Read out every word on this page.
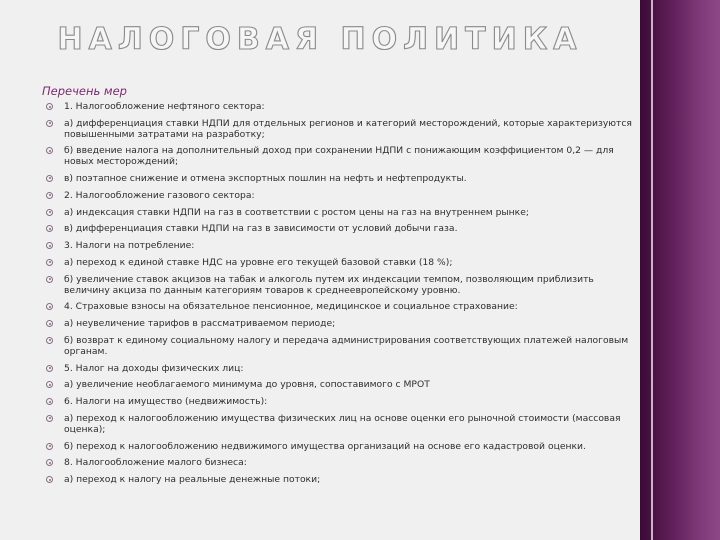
НАЛОГОВАЯ ПОЛИТИКА
Перечень мер
1. Налогообложение нефтяного сектора:
а) дифференциация ставки НДПИ для отдельных регионов и категорий месторождений, которые характеризуются повышенными затратами на разработку;
б) введение налога на дополнительный доход при сохранении НДПИ с понижающим коэффициентом 0,2 — для новых месторождений;
в) поэтапное снижение и отмена экспортных пошлин на нефть и нефтепродукты.
2. Налогообложение газового сектора:
а) индексация ставки НДПИ на газ в соответствии с ростом цены на газ на внутреннем рынке;
в) дифференциация ставки НДПИ на газ в зависимости от условий добычи газа.
3. Налоги на потребление:
а) переход к единой ставке НДС на уровне его текущей базовой ставки (18 %);
б) увеличение ставок акцизов на табак и алкоголь путем их индексации темпом, позволяющим приблизить величину акциза по данным категориям товаров к среднеевропейскому уровню.
4. Страховые взносы на обязательное пенсионное, медицинское и социальное страхование:
а) неувеличение тарифов в рассматриваемом периоде;
б) возврат к единому социальному налогу и передача администрирования соответствующих платежей налоговым органам.
5. Налог на доходы физических лиц:
а) увеличение необлагаемого минимума до уровня, сопоставимого с МРОТ
6. Налоги на имущество (недвижимость):
а) переход к налогообложению имущества физических лиц на основе оценки его рыночной стоимости (массовая оценка);
б) переход к налогообложению недвижимого имущества организаций на основе его кадастровой оценки.
8. Налогообложение малого бизнеса:
а) переход к налогу на реальные денежные потоки;
